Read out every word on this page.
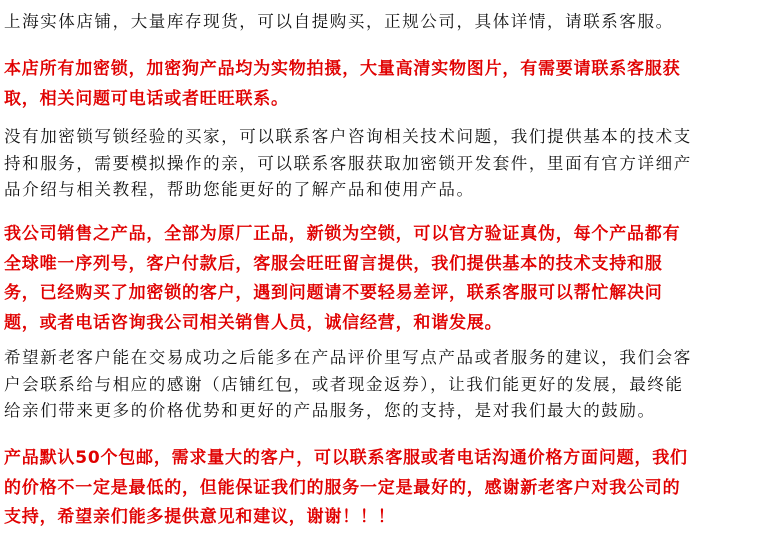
上海实体店铺，大量库存现货，可以自提购买，正规公司，具体详情，请联系客服。

本店所有加密锁，加密狗产品均为实物拍摄，大量高清实物图片，有需要请联系客服获
取，相关问题可电话或者旺旺联系。

没有加密锁写锁经验的买家，可以联系客户咨询相关技术问题，我们提供基本的技术支
持和服务，需要模拟操作的亲，可以联系客服获取加密锁开发套件，里面有官方详细产
品介绍与相关教程，帮助您能更好的了解产品和使用产品。

我公司销售之产品，全部为原厂正品，新锁为空锁，可以官方验证真伪，每个产品都有
全球唯一序列号，客户付款后，客服会旺旺留言提供，我们提供基本的技术支持和服
务，已经购买了加密锁的客户，遇到问题请不要轻易差评，联系客服可以帮忙解决问
题，或者电话咨询我公司相关销售人员，诚信经营，和谐发展。

希望新老客户能在交易成功之后能多在产品评价里写点产品或者服务的建议，我们会客
户会联系给与相应的感谢（店铺红包，或者现金返券），让我们能更好的发展，最终能
给亲们带来更多的价格优势和更好的产品服务，您的支持，是对我们最大的鼓励。

产品默认50个包邮，需求量大的客户，可以联系客服或者电话沟通价格方面问题，我们
的价格不一定是最低的，但能保证我们的服务一定是最好的，感谢新老客户对我公司的
支持，希望亲们能多提供意见和建议，谢谢！！！
